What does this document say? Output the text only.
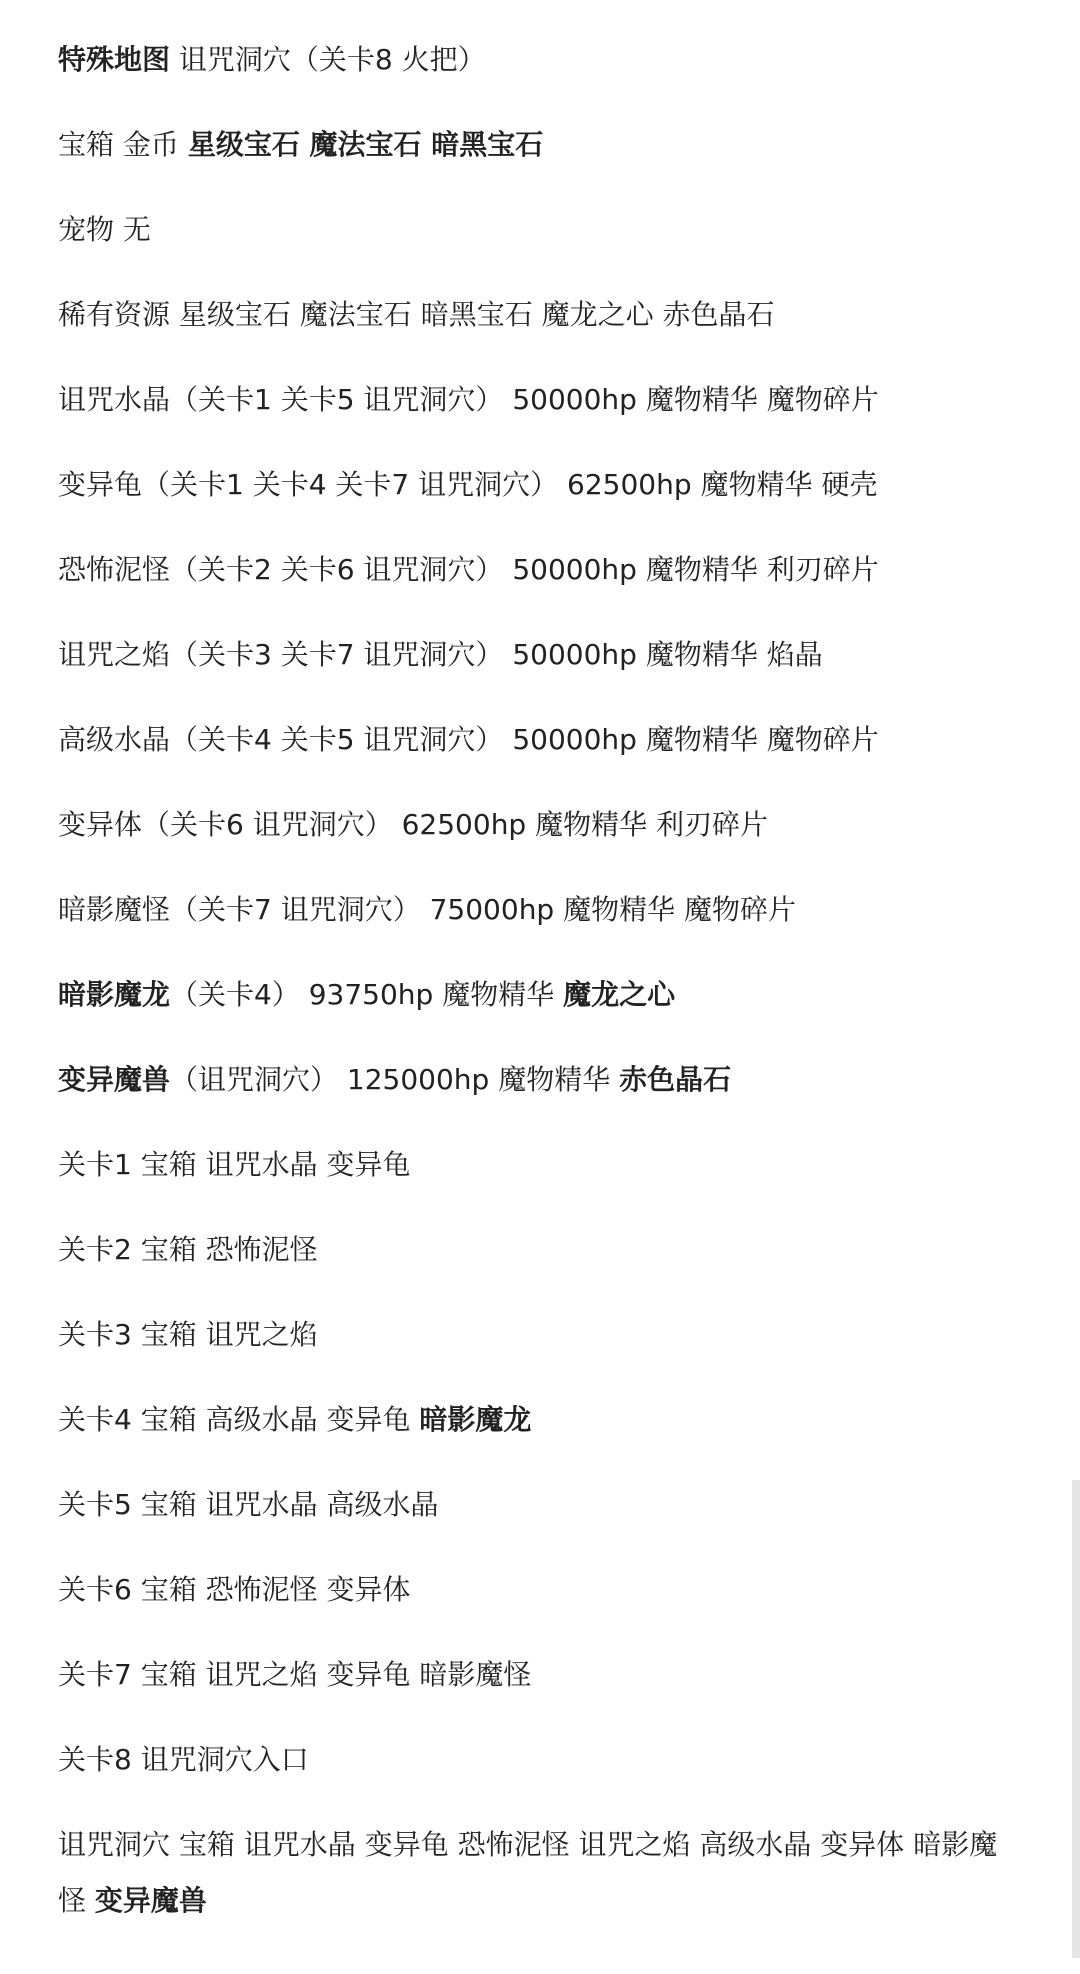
特殊地图 诅咒洞穴（关卡8 火把）
宝箱 金币 星级宝石 魔法宝石 暗黑宝石
宠物 无
稀有资源 星级宝石 魔法宝石 暗黑宝石 魔龙之心 赤色晶石
诅咒水晶（关卡1 关卡5 诅咒洞穴） 50000hp 魔物精华 魔物碎片
变异龟（关卡1 关卡4 关卡7 诅咒洞穴） 62500hp 魔物精华 硬壳
恐怖泥怪（关卡2 关卡6 诅咒洞穴） 50000hp 魔物精华 利刃碎片
诅咒之焰（关卡3 关卡7 诅咒洞穴） 50000hp 魔物精华 焰晶
高级水晶（关卡4 关卡5 诅咒洞穴） 50000hp 魔物精华 魔物碎片
变异体（关卡6 诅咒洞穴） 62500hp 魔物精华 利刃碎片
暗影魔怪（关卡7 诅咒洞穴） 75000hp 魔物精华 魔物碎片
暗影魔龙（关卡4） 93750hp 魔物精华 魔龙之心
变异魔兽（诅咒洞穴） 125000hp 魔物精华 赤色晶石
关卡1 宝箱 诅咒水晶 变异龟
关卡2 宝箱 恐怖泥怪
关卡3 宝箱 诅咒之焰
关卡4 宝箱 高级水晶 变异龟 暗影魔龙
关卡5 宝箱 诅咒水晶 高级水晶
关卡6 宝箱 恐怖泥怪 变异体
关卡7 宝箱 诅咒之焰 变异龟 暗影魔怪
关卡8 诅咒洞穴入口
诅咒洞穴 宝箱 诅咒水晶 变异龟 恐怖泥怪 诅咒之焰 高级水晶 变异体 暗影魔怪 变异魔兽
